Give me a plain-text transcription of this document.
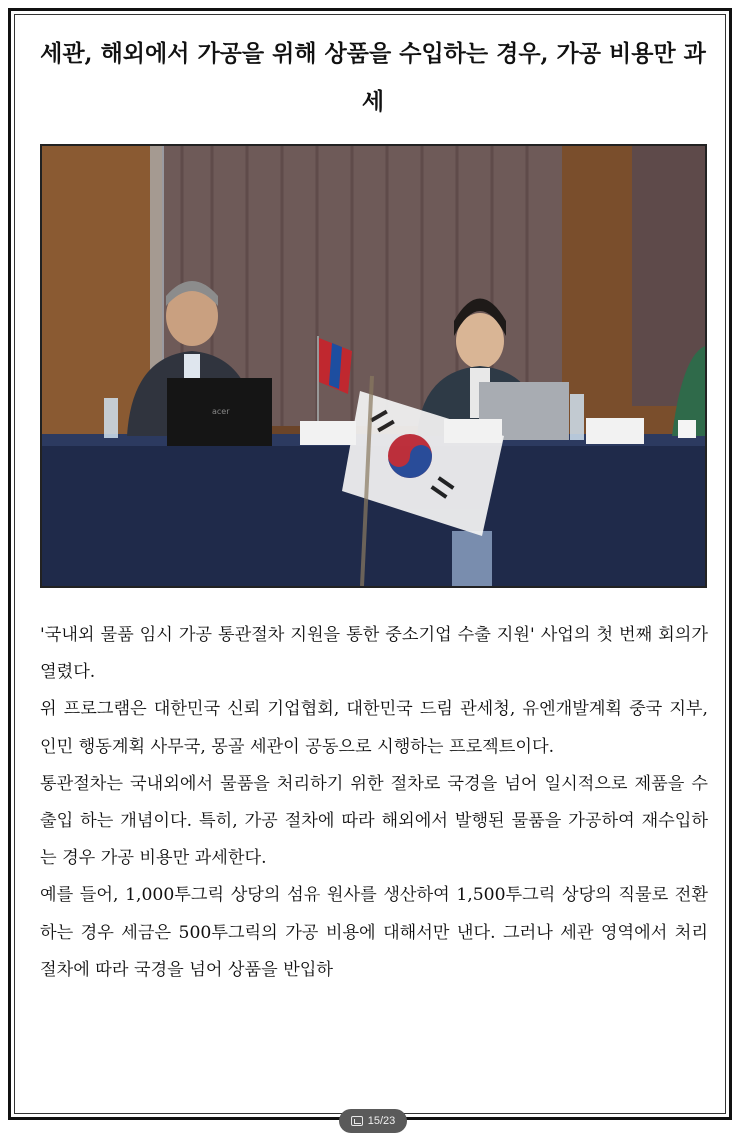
세관, 해외에서 가공을 위해 상품을 수입하는 경우, 가공 비용만 과세
acer

'국내외 물품 임시 가공 통관절차 지원을 통한 중소기업 수출 지원' 사업의 첫 번째 회의가 열렸다.

위 프로그램은 대한민국 신뢰 기업협회, 대한민국 드림 관세청, 유엔개발계획 중국 지부, 인민 행동계획 사무국, 몽골 세관이 공동으로 시행하는 프로젝트이다.

통관절차는 국내외에서 물품을 처리하기 위한 절차로 국경을 넘어 일시적으로 제품을 수출입 하는 개념이다. 특히, 가공 절차에 따라 해외에서 발행된 물품을 가공하여 재수입하는 경우 가공 비용만 과세한다.

예를 들어, 1,000투그릭 상당의 섬유 원사를 생산하여 1,500투그릭 상당의 직물로 전환하는 경우 세금은 500투그릭의 가공 비용에 대해서만 낸다. 그러나 세관 영역에서 처리 절차에 따라 국경을 넘어 상품을 반입하

15/23
